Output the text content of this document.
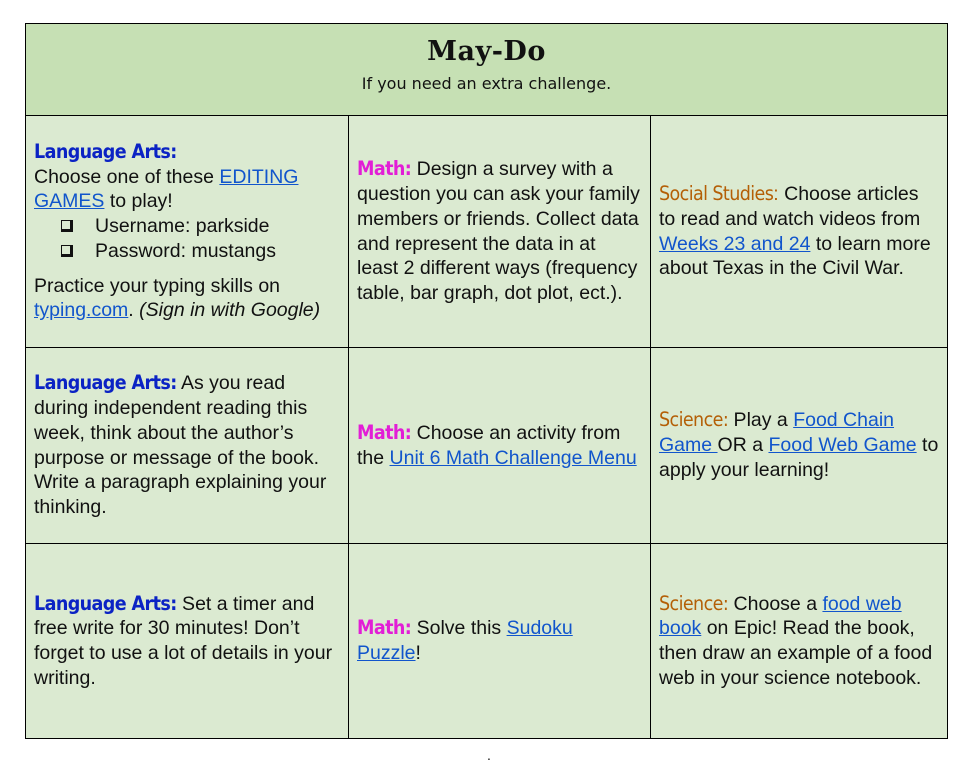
May-Do
If you need an extra challenge.

Language Arts:
Choose one of these EDITING GAMES to play!

Username: parkside
Password: mustangs

Practice your typing skills on typing.com. (Sign in with Google)

Math: Design a survey with a question you can ask your family members or friends. Collect data and represent the data in at least 2 different ways (frequency table, bar graph, dot plot, ect.).

Social Studies: Choose articles to read and watch videos from Weeks 23 and 24 to learn more about Texas in the Civil War.

Language Arts: As you read during independent reading this week, think about the author’s purpose or message of the book. Write a paragraph explaining your thinking.

Math: Choose an activity from the Unit 6 Math Challenge Menu

Science: Play a Food Chain Game OR a Food Web Game to apply your learning!

Language Arts: Set a timer and free write for 30 minutes! Don’t forget to use a lot of details in your writing.

Math: Solve this Sudoku Puzzle!

Science: Choose a food web book on Epic! Read the book, then draw an example of a food web in your science notebook.

.
